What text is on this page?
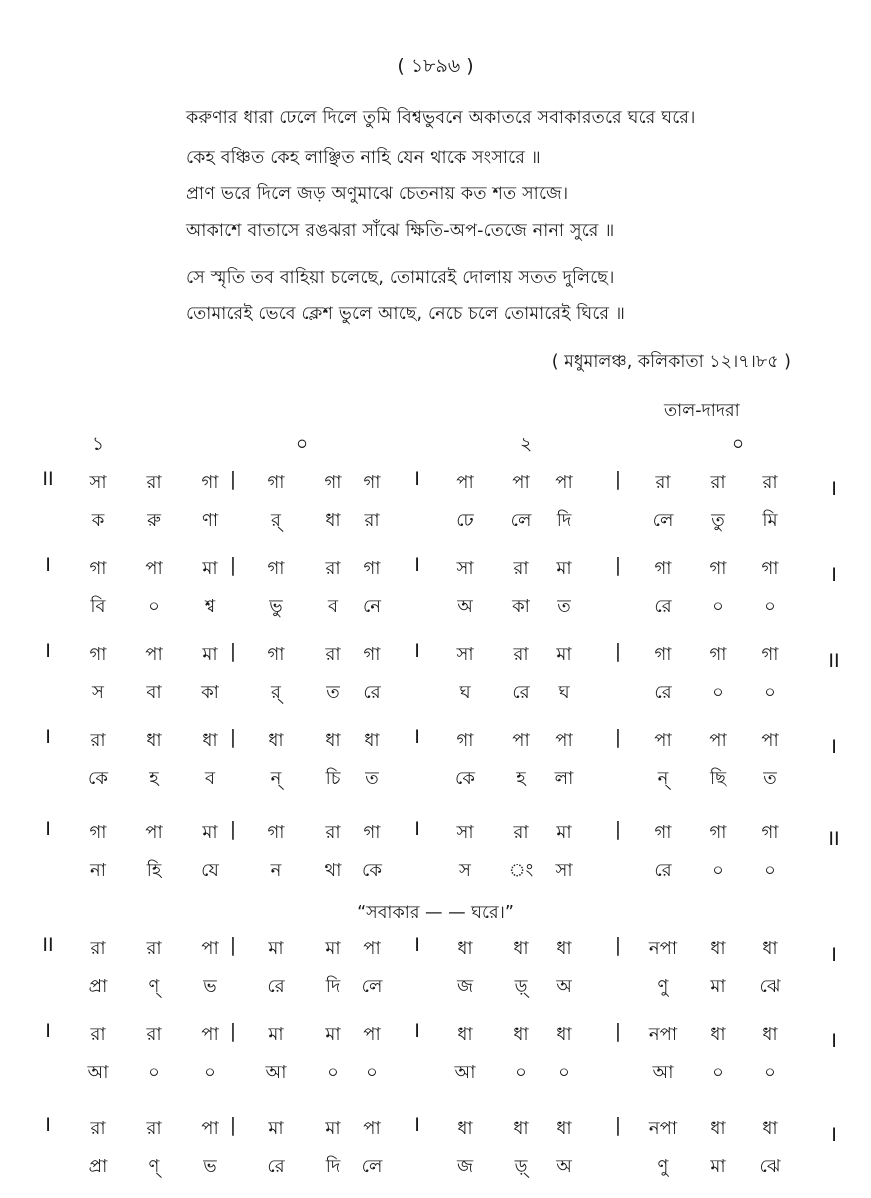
( ১৮৯৬ )
করুণার ধারা ঢেলে দিলে তুমি বিশ্বভুবনে অকাতরে সবাকারতরে ঘরে ঘরে।
কেহ বঞ্চিত কেহ লাঞ্ছিত নাহি যেন থাকে সংসারে ॥
প্রাণ ভরে দিলে জড় অণুমাঝে চেতনায় কত শত সাজে।
আকাশে বাতাসে রঙঝরা সাঁঝে ক্ষিতি-অপ-তেজে নানা সুরে ॥
সে স্মৃতি তব বাহিয়া চলেছে, তোমারেই দোলায় সতত দুলিছে।
তোমারেই ভেবে ক্লেশ ভুলে আছে, নেচে চলে তোমারেই ঘিরে ॥
( মধুমালঞ্চ, কলিকাতা ১২।৭।৮৫ )
তাল-দাদরা
১	০	২	০
“সবাকার — — ঘরে।”
II	|	I	|	I
সা	রা	গা	গা	গা	গা	পা	পা	পা	রা	রা	রা
ক	রু	ণা	র্	ধা	রা	ঢে	লে	দি	লে	তু	মি
I	|	I	|	I
গা	পা	মা	গা	রা	গা	সা	রা	মা	গা	গা	গা
বি	০	শ্ব	ভু	ব	নে	অ	কা	ত	রে	০	০
I	|	I	|	II
গা	পা	মা	গা	রা	গা	সা	রা	মা	গা	গা	গা
স	বা	কা	র্	ত	রে	ঘ	রে	ঘ	রে	০	০
I	|	I	|	I
রা	ধা	ধা	ধা	ধা	ধা	গা	পা	পা	পা	পা	পা
কে	হ	ব	ন্	চি	ত	কে	হ	লা	ন্	ছি	ত
I	|	I	|	II
গা	পা	মা	গা	রা	গা	সা	রা	মা	গা	গা	গা
না	হি	যে	ন	থা	কে	স	ং	সা	রে	০	০
II	|	I	|	I
রা	রা	পা	মা	মা	পা	ধা	ধা	ধা	নপা	ধা	ধা
প্রা	ণ্	ভ	রে	দি	লে	জ	ড়্	অ	ণু	মা	ঝে
I	|	I	|	I
রা	রা	পা	মা	মা	পা	ধা	ধা	ধা	নপা	ধা	ধা
আ	০	০	আ	০	০	আ	০	০	আ	০	০
I	|	I	|	I
রা	রা	পা	মা	মা	পা	ধা	ধা	ধা	নপা	ধা	ধা
প্রা	ণ্	ভ	রে	দি	লে	জ	ড়্	অ	ণু	মা	ঝে
